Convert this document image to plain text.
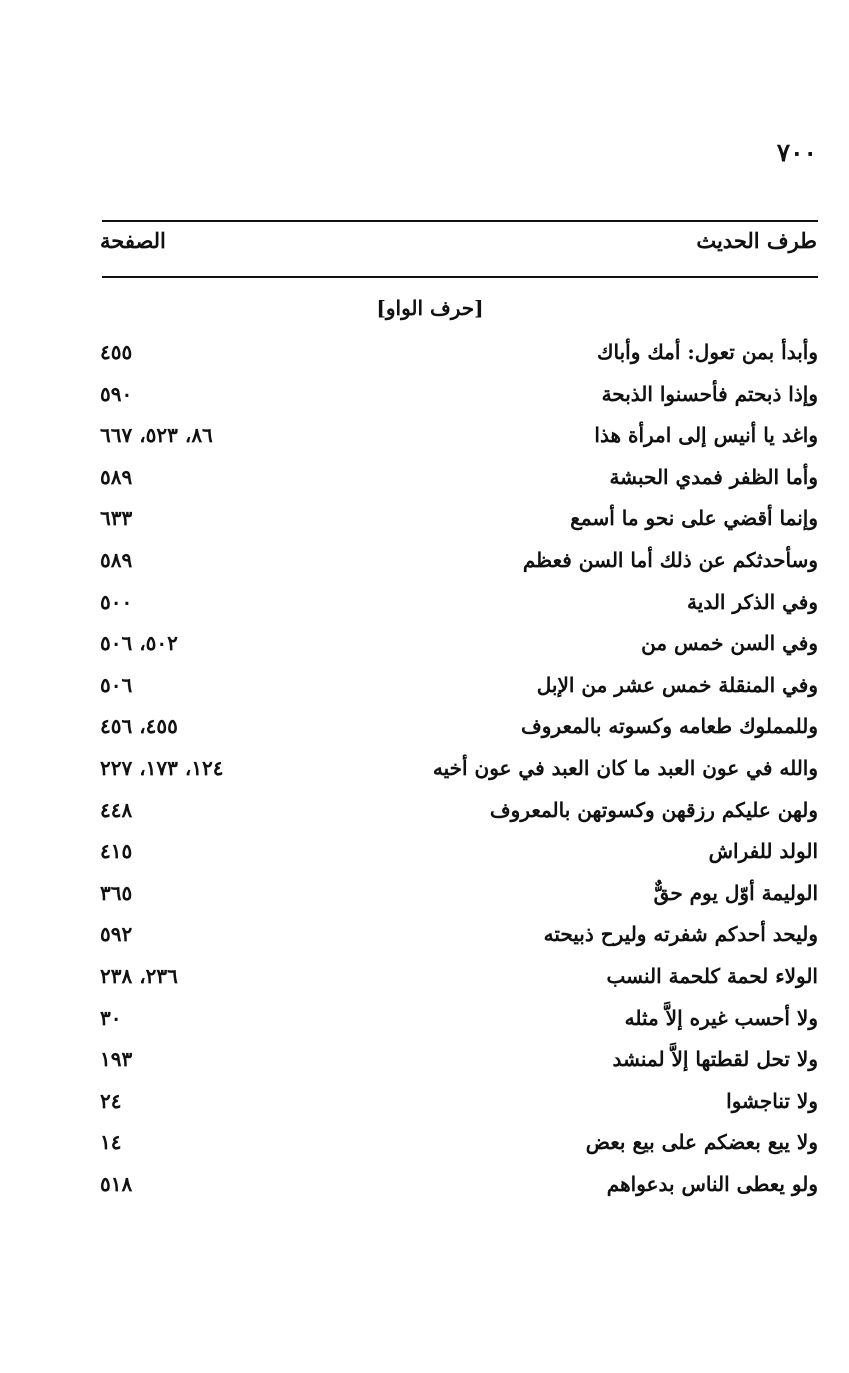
٧٠٠
طرف الحديث
الصفحة
[حرف الواو]
وأبدأ بمن تعول: أمك وأباك
٤٥٥
وإذا ذبحتم فأحسنوا الذبحة
٥٩٠
واغد يا أنيس إلى امرأة هذا
٨٦، ٥٢٣، ٦٦٧
وأما الظفر فمدي الحبشة
٥٨٩
وإنما أقضي على نحو ما أسمع
٦٣٣
وسأحدثكم عن ذلك أما السن فعظم
٥٨٩
وفي الذكر الدية
٥٠٠
وفي السن خمس من
٥٠٢، ٥٠٦
وفي المنقلة خمس عشر من الإبل
٥٠٦
وللمملوك طعامه وكسوته بالمعروف
٤٥٥، ٤٥٦
والله في عون العبد ما كان العبد في عون أخيه
١٢٤، ١٧٣، ٢٢٧
ولهن عليكم رزقهن وكسوتهن بالمعروف
٤٤٨
الولد للفراش
٤١٥
الوليمة أوّل يوم حقٌّ
٣٦٥
وليحد أحدكم شفرته وليرح ذبيحته
٥٩٢
الولاء لحمة كلحمة النسب
٢٣٦، ٢٣٨
ولا أحسب غيره إلاَّ مثله
٣٠
ولا تحل لقطتها إلاَّ لمنشد
١٩٣
ولا تناجشوا
٢٤
ولا يبع بعضكم على بيع بعض
١٤
ولو يعطى الناس بدعواهم
٥١٨
